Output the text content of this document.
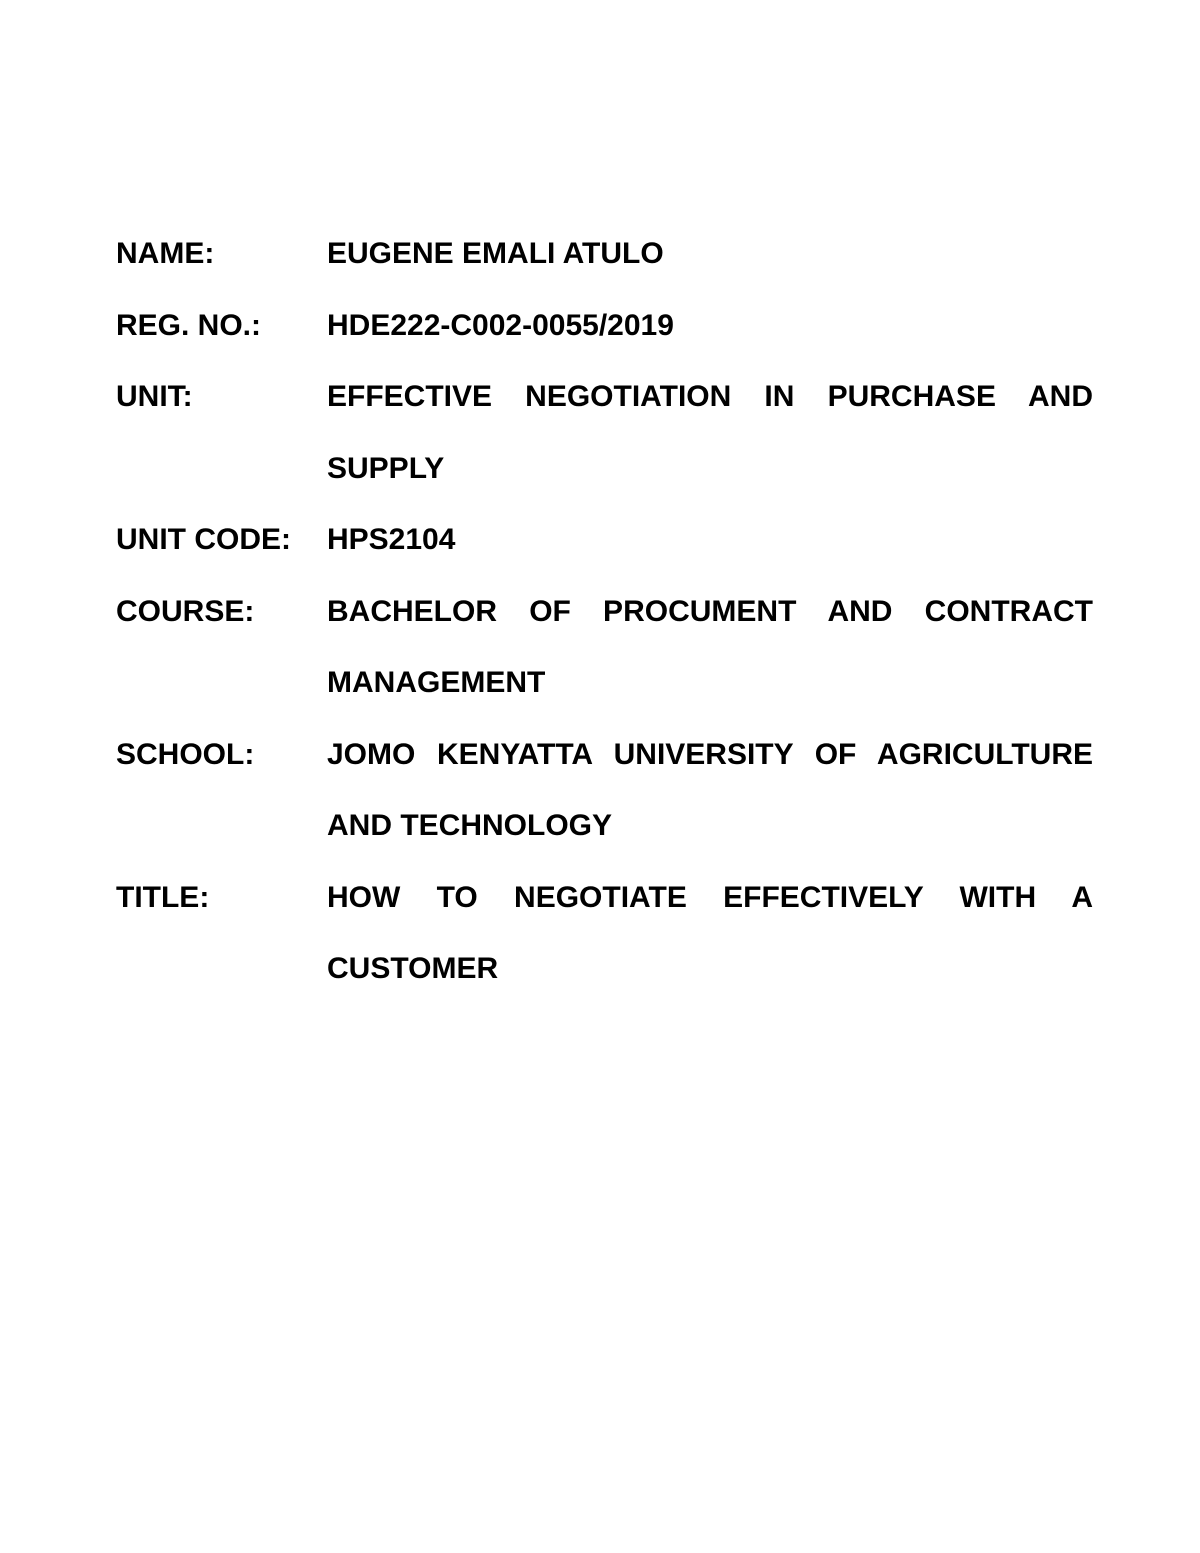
NAME:	EUGENE EMALI ATULO
REG. NO.:	HDE222-C002-0055/2019
UNIT:	EFFECTIVE NEGOTIATION IN PURCHASE AND SUPPLY
UNIT CODE:	HPS2104
COURSE:	BACHELOR OF PROCUMENT AND CONTRACT MANAGEMENT
SCHOOL:	JOMO KENYATTA UNIVERSITY OF AGRICULTURE AND TECHNOLOGY
TITLE:	HOW TO NEGOTIATE EFFECTIVELY WITH A CUSTOMER
